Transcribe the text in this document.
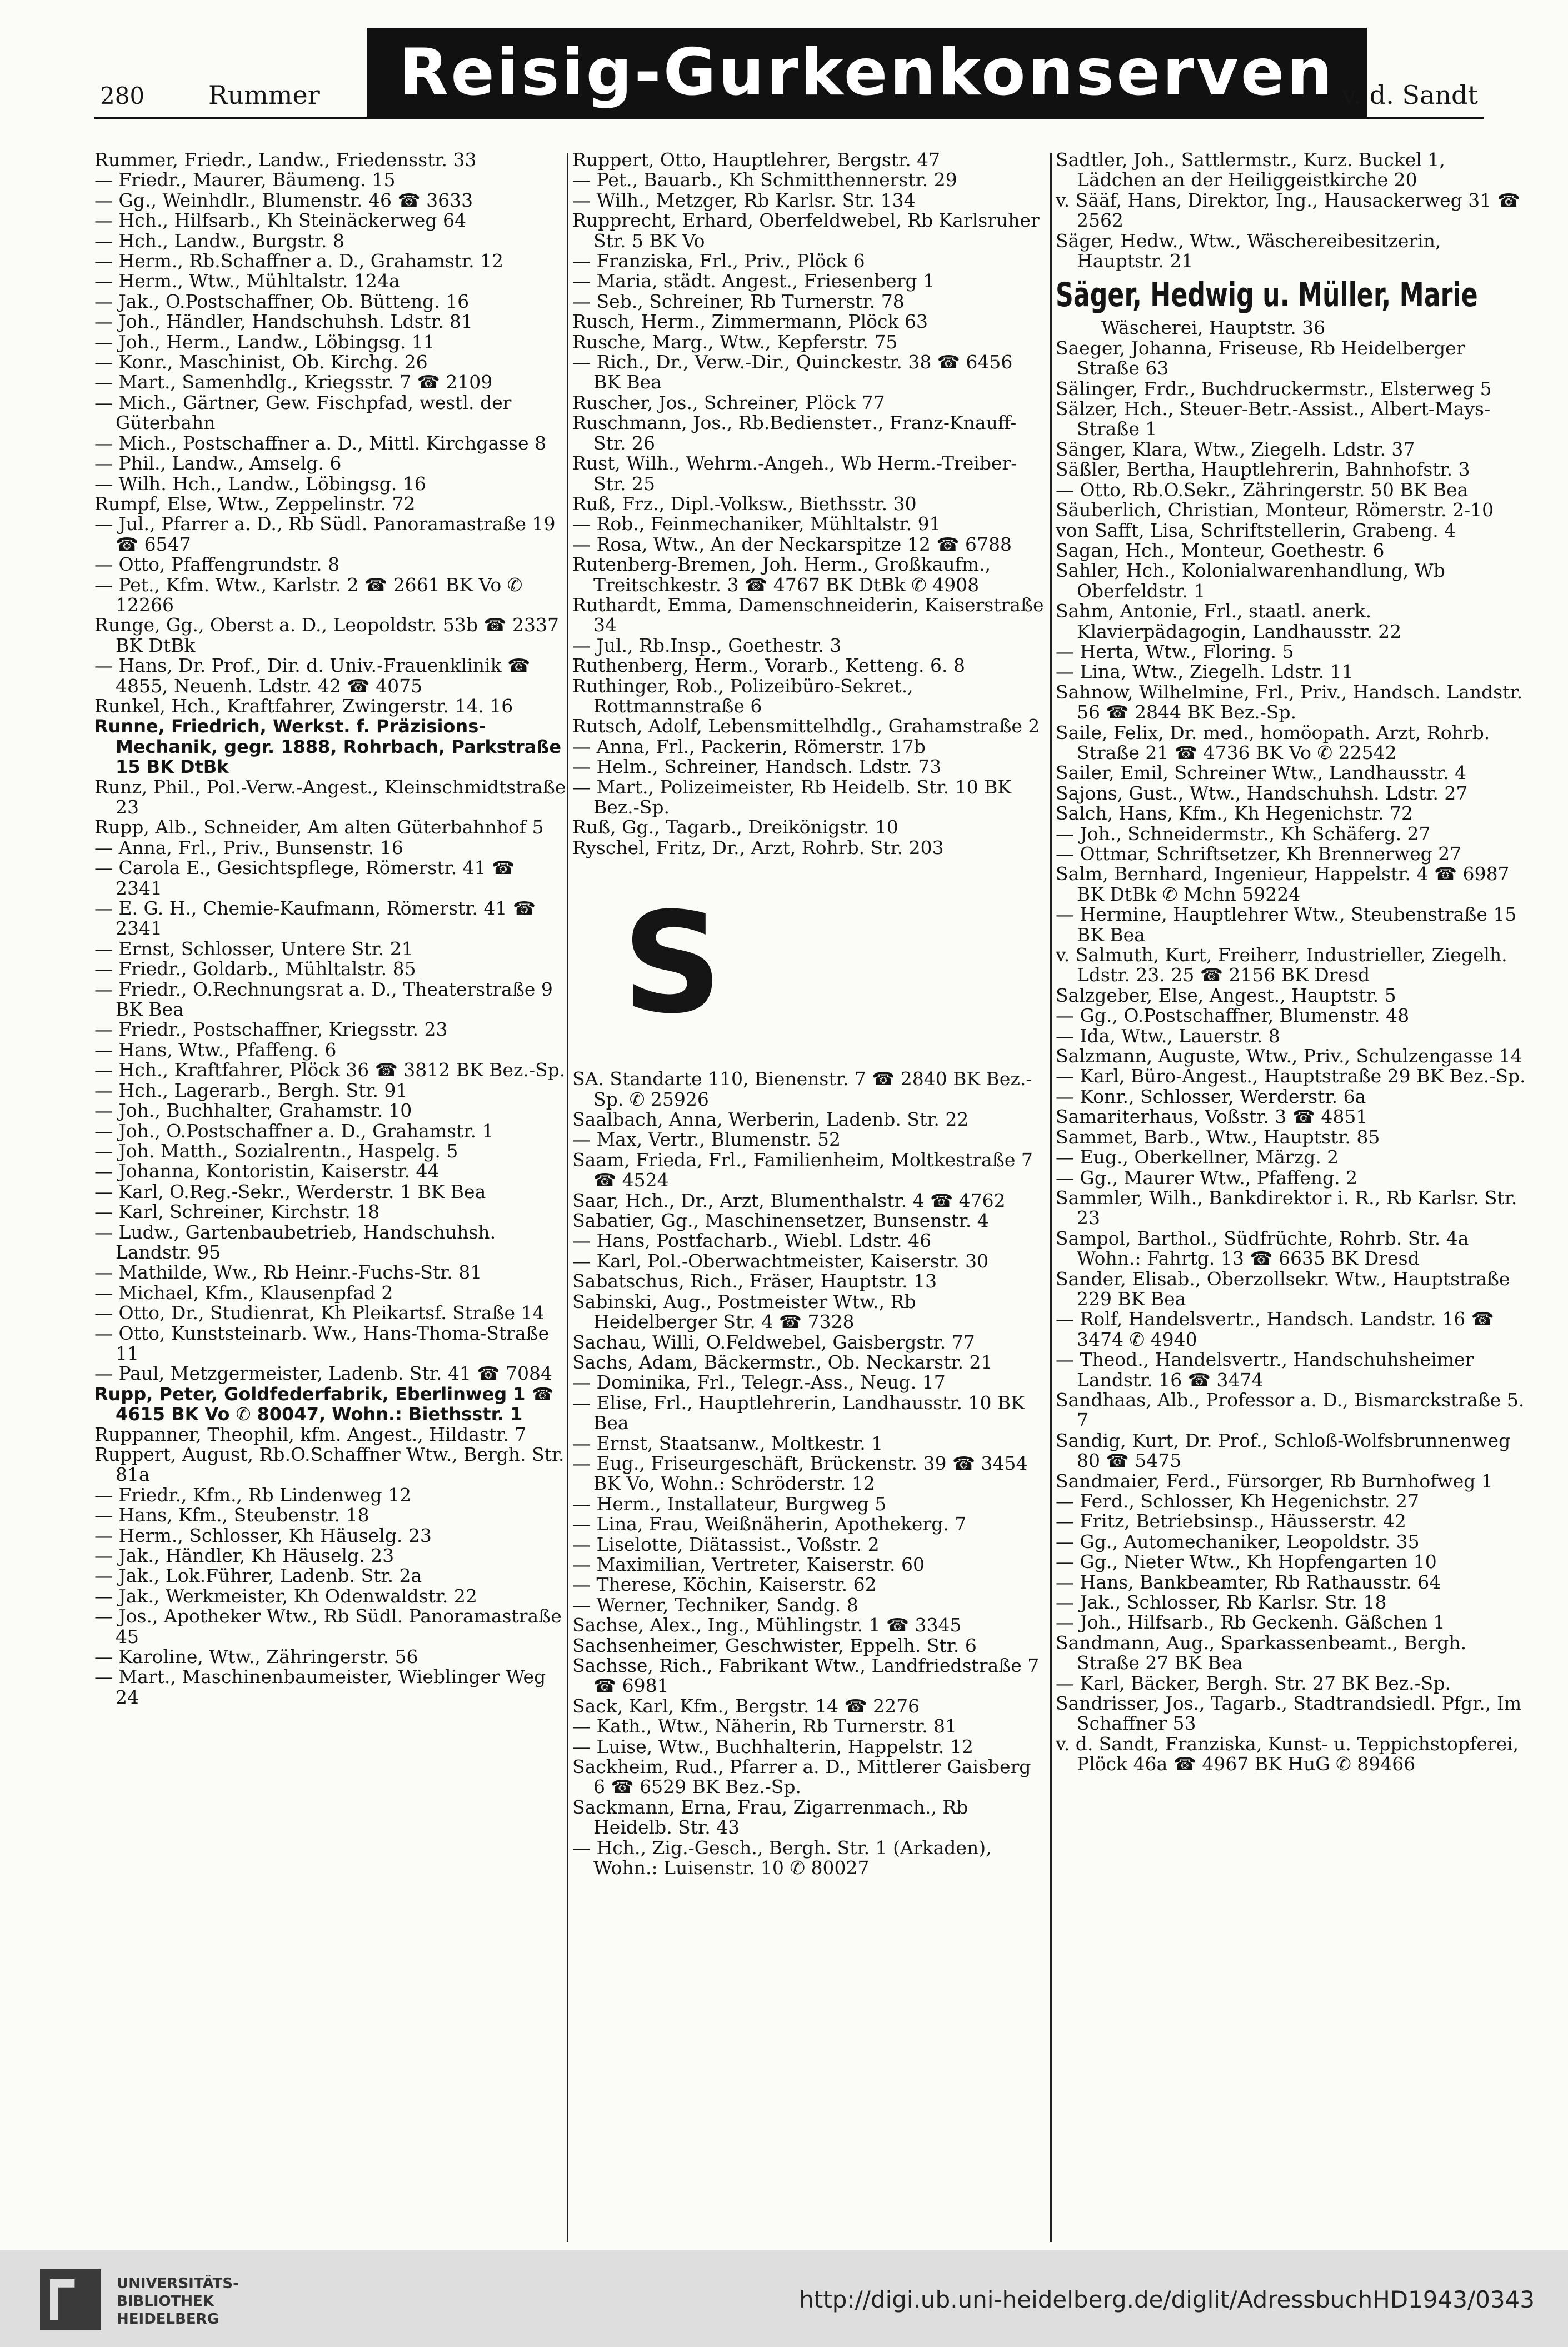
280 Rummer	Reisig-Gurkenkonserven v. d. Sandt

Rummer, Friedr., Landw., Friedensstr. 33

— Friedr., Maurer, Bäumeng. 15

— Gg., Weinhdlr., Blumenstr. 46 ☎ 3633

— Hch., Hilfsarb., Kh Steinäckerweg 64

— Hch., Landw., Burgstr. 8

— Herm., Rb.Schaffner a. D., Grahamstr. 12

— Herm., Wtw., Mühltalstr. 124a

— Jak., O.Postschaffner, Ob. Bütteng. 16

— Joh., Händler, Handschuhsh. Ldstr. 81

— Joh., Herm., Landw., Löbingsg. 11

— Konr., Maschinist, Ob. Kirchg. 26

— Mart., Samenhdlg., Kriegsstr. 7 ☎ 2109

— Mich., Gärtner, Gew. Fischpfad, westl. der Güterbahn

— Mich., Postschaffner a. D., Mittl. Kirchgasse 8

— Phil., Landw., Amselg. 6

— Wilh. Hch., Landw., Löbingsg. 16

Rumpf, Else, Wtw., Zeppelinstr. 72

— Jul., Pfarrer a. D., Rb Südl. Panoramastraße 19 ☎ 6547

— Otto, Pfaffengrundstr. 8

— Pet., Kfm. Wtw., Karlstr. 2 ☎ 2661 BK Vo ✆ 12266

Runge, Gg., Oberst a. D., Leopoldstr. 53b ☎ 2337 BK DtBk

— Hans, Dr. Prof., Dir. d. Univ.-Frauenklinik ☎ 4855, Neuenh. Ldstr. 42 ☎ 4075

Runkel, Hch., Kraftfahrer, Zwingerstr. 14. 16

Runne, Friedrich, Werkst. f. Präzisions-Mechanik, gegr. 1888, Rohrbach, Parkstraße 15 BK DtBk

Runz, Phil., Pol.-Verw.-Angest., Kleinschmidtstraße 23

Rupp, Alb., Schneider, Am alten Güterbahnhof 5

— Anna, Frl., Priv., Bunsenstr. 16

— Carola E., Gesichtspflege, Römerstr. 41 ☎ 2341

— E. G. H., Chemie-Kaufmann, Römerstr. 41 ☎ 2341

— Ernst, Schlosser, Untere Str. 21

— Friedr., Goldarb., Mühltalstr. 85

— Friedr., O.Rechnungsrat a. D., Theaterstraße 9 BK Bea

— Friedr., Postschaffner, Kriegsstr. 23

— Hans, Wtw., Pfaffeng. 6

— Hch., Kraftfahrer, Plöck 36 ☎ 3812 BK Bez.-Sp.

— Hch., Lagerarb., Bergh. Str. 91

— Joh., Buchhalter, Grahamstr. 10

— Joh., O.Postschaffner a. D., Grahamstr. 1

— Joh. Matth., Sozialrentn., Haspelg. 5

— Johanna, Kontoristin, Kaiserstr. 44

— Karl, O.Reg.-Sekr., Werderstr. 1 BK Bea

— Karl, Schreiner, Kirchstr. 18

— Ludw., Gartenbaubetrieb, Handschuhsh. Landstr. 95

— Mathilde, Ww., Rb Heinr.-Fuchs-Str. 81

— Michael, Kfm., Klausenpfad 2

— Otto, Dr., Studienrat, Kh Pleikartsf. Straße 14

— Otto, Kunststeinarb. Ww., Hans-Thoma-Straße 11

— Paul, Metzgermeister, Ladenb. Str. 41 ☎ 7084

Rupp, Peter, Goldfederfabrik, Eberlinweg 1 ☎ 4615 BK Vo ✆ 80047, Wohn.: Biethsstr. 1

Ruppanner, Theophil, kfm. Angest., Hildastr. 7

Ruppert, August, Rb.O.Schaffner Wtw., Bergh. Str. 81a

— Friedr., Kfm., Rb Lindenweg 12

— Hans, Kfm., Steubenstr. 18

— Herm., Schlosser, Kh Häuselg. 23

— Jak., Händler, Kh Häuselg. 23

— Jak., Lok.Führer, Ladenb. Str. 2a

— Jak., Werkmeister, Kh Odenwaldstr. 22

— Jos., Apotheker Wtw., Rb Südl. Panoramastraße 45

— Karoline, Wtw., Zähringerstr. 56

— Mart., Maschinenbaumeister, Wieblinger Weg 24

Ruppert, Otto, Hauptlehrer, Bergstr. 47

— Pet., Bauarb., Kh Schmitthennerstr. 29

— Wilh., Metzger, Rb Karlsr. Str. 134

Rupprecht, Erhard, Oberfeldwebel, Rb Karlsruher Str. 5 BK Vo

— Franziska, Frl., Priv., Plöck 6

— Maria, städt. Angest., Friesenberg 1

— Seb., Schreiner, Rb Turnerstr. 78

Rusch, Herm., Zimmermann, Plöck 63

Rusche, Marg., Wtw., Kepferstr. 75

— Rich., Dr., Verw.-Dir., Quinckestr. 38 ☎ 6456 BK Bea

Ruscher, Jos., Schreiner, Plöck 77

Ruschmann, Jos., Rb.Bediensteт., Franz-Knauff-Str. 26

Rust, Wilh., Wehrm.-Angeh., Wb Herm.-Treiber-Str. 25

Ruß, Frz., Dipl.-Volksw., Biethsstr. 30

— Rob., Feinmechaniker, Mühltalstr. 91

— Rosa, Wtw., An der Neckarspitze 12 ☎ 6788

Rutenberg-Bremen, Joh. Herm., Großkaufm., Treitschkestr. 3 ☎ 4767 BK DtBk ✆ 4908

Ruthardt, Emma, Damenschneiderin, Kaiserstraße 34

— Jul., Rb.Insp., Goethestr. 3

Ruthenberg, Herm., Vorarb., Ketteng. 6. 8

Ruthinger, Rob., Polizeibüro-Sekret., Rottmannstraße 6

Rutsch, Adolf, Lebensmittelhdlg., Grahamstraße 2

— Anna, Frl., Packerin, Römerstr. 17b

— Helm., Schreiner, Handsch. Ldstr. 73

— Mart., Polizeimeister, Rb Heidelb. Str. 10 BK Bez.-Sp.

Ruß, Gg., Tagarb., Dreikönigstr. 10

Ryschel, Fritz, Dr., Arzt, Rohrb. Str. 203

S

SA. Standarte 110, Bienenstr. 7 ☎ 2840 BK Bez.-Sp. ✆ 25926

Saalbach, Anna, Werberin, Ladenb. Str. 22

— Max, Vertr., Blumenstr. 52

Saam, Frieda, Frl., Familienheim, Moltkestraße 7 ☎ 4524

Saar, Hch., Dr., Arzt, Blumenthalstr. 4 ☎ 4762

Sabatier, Gg., Maschinensetzer, Bunsenstr. 4

— Hans, Postfacharb., Wiebl. Ldstr. 46

— Karl, Pol.-Oberwachtmeister, Kaiserstr. 30

Sabatschus, Rich., Fräser, Hauptstr. 13

Sabinski, Aug., Postmeister Wtw., Rb Heidelberger Str. 4 ☎ 7328

Sachau, Willi, O.Feldwebel, Gaisbergstr. 77

Sachs, Adam, Bäckermstr., Ob. Neckarstr. 21

— Dominika, Frl., Telegr.-Ass., Neug. 17

— Elise, Frl., Hauptlehrerin, Landhausstr. 10 BK Bea

— Ernst, Staatsanw., Moltkestr. 1

— Eug., Friseurgeschäft, Brückenstr. 39 ☎ 3454 BK Vo, Wohn.: Schröderstr. 12

— Herm., Installateur, Burgweg 5

— Lina, Frau, Weißnäherin, Apothekerg. 7

— Liselotte, Diätassist., Voßstr. 2

— Maximilian, Vertreter, Kaiserstr. 60

— Therese, Köchin, Kaiserstr. 62

— Werner, Techniker, Sandg. 8

Sachse, Alex., Ing., Mühlingstr. 1 ☎ 3345

Sachsenheimer, Geschwister, Eppelh. Str. 6

Sachsse, Rich., Fabrikant Wtw., Landfriedstraße 7 ☎ 6981

Sack, Karl, Kfm., Bergstr. 14 ☎ 2276

— Kath., Wtw., Näherin, Rb Turnerstr. 81

— Luise, Wtw., Buchhalterin, Happelstr. 12

Sackheim, Rud., Pfarrer a. D., Mittlerer Gaisberg 6 ☎ 6529 BK Bez.-Sp.

Sackmann, Erna, Frau, Zigarrenmach., Rb Heidelb. Str. 43

— Hch., Zig.-Gesch., Bergh. Str. 1 (Arkaden), Wohn.: Luisenstr. 10 ✆ 80027

Sadtler, Joh., Sattlermstr., Kurz. Buckel 1, Lädchen an der Heiliggeistkirche 20

v. Sääf, Hans, Direktor, Ing., Hausackerweg 31 ☎ 2562

Säger, Hedw., Wtw., Wäschereibesitzerin, Hauptstr. 21

Säger, Hedwig u. Müller, Marie

Wäscherei, Hauptstr. 36

Saeger, Johanna, Friseuse, Rb Heidelberger Straße 63

Sälinger, Frdr., Buchdruckermstr., Elsterweg 5

Sälzer, Hch., Steuer-Betr.-Assist., Albert-Mays-Straße 1

Sänger, Klara, Wtw., Ziegelh. Ldstr. 37

Säßler, Bertha, Hauptlehrerin, Bahnhofstr. 3

— Otto, Rb.O.Sekr., Zähringerstr. 50 BK Bea

Säuberlich, Christian, Monteur, Römerstr. 2-10

von Safft, Lisa, Schriftstellerin, Grabeng. 4

Sagan, Hch., Monteur, Goethestr. 6

Sahler, Hch., Kolonialwarenhandlung, Wb Oberfeldstr. 1

Sahm, Antonie, Frl., staatl. anerk. Klavierpädagogin, Landhausstr. 22

— Herta, Wtw., Floring. 5

— Lina, Wtw., Ziegelh. Ldstr. 11

Sahnow, Wilhelmine, Frl., Priv., Handsch. Landstr. 56 ☎ 2844 BK Bez.-Sp.

Saile, Felix, Dr. med., homöopath. Arzt, Rohrb. Straße 21 ☎ 4736 BK Vo ✆ 22542

Sailer, Emil, Schreiner Wtw., Landhausstr. 4

Sajons, Gust., Wtw., Handschuhsh. Ldstr. 27

Salch, Hans, Kfm., Kh Hegenichstr. 72

— Joh., Schneidermstr., Kh Schäferg. 27

— Ottmar, Schriftsetzer, Kh Brennerweg 27

Salm, Bernhard, Ingenieur, Happelstr. 4 ☎ 6987 BK DtBk ✆ Mchn 59224

— Hermine, Hauptlehrer Wtw., Steubenstraße 15 BK Bea

v. Salmuth, Kurt, Freiherr, Industrieller, Ziegelh. Ldstr. 23. 25 ☎ 2156 BK Dresd

Salzgeber, Else, Angest., Hauptstr. 5

— Gg., O.Postschaffner, Blumenstr. 48

— Ida, Wtw., Lauerstr. 8

Salzmann, Auguste, Wtw., Priv., Schulzengasse 14

— Karl, Büro-Angest., Hauptstraße 29 BK Bez.-Sp.

— Konr., Schlosser, Werderstr. 6a

Samariterhaus, Voßstr. 3 ☎ 4851

Sammet, Barb., Wtw., Hauptstr. 85

— Eug., Oberkellner, Märzg. 2

— Gg., Maurer Wtw., Pfaffeng. 2

Sammler, Wilh., Bankdirektor i. R., Rb Karlsr. Str. 23

Sampol, Barthol., Südfrüchte, Rohrb. Str. 4a Wohn.: Fahrtg. 13 ☎ 6635 BK Dresd

Sander, Elisab., Oberzollsekr. Wtw., Hauptstraße 229 BK Bea

— Rolf, Handelsvertr., Handsch. Landstr. 16 ☎ 3474 ✆ 4940

— Theod., Handelsvertr., Handschuhsheimer Landstr. 16 ☎ 3474

Sandhaas, Alb., Professor a. D., Bismarckstraße 5. 7

Sandig, Kurt, Dr. Prof., Schloß-Wolfsbrunnenweg 80 ☎ 5475

Sandmaier, Ferd., Fürsorger, Rb Burnhofweg 1

— Ferd., Schlosser, Kh Hegenichstr. 27

— Fritz, Betriebsinsp., Häusserstr. 42

— Gg., Automechaniker, Leopoldstr. 35

— Gg., Nieter Wtw., Kh Hopfengarten 10

— Hans, Bankbeamter, Rb Rathausstr. 64

— Jak., Schlosser, Rb Karlsr. Str. 18

— Joh., Hilfsarb., Rb Geckenh. Gäßchen 1

Sandmann, Aug., Sparkassenbeamt., Bergh. Straße 27 BK Bea

— Karl, Bäcker, Bergh. Str. 27 BK Bez.-Sp.

Sandrisser, Jos., Tagarb., Stadtrandsiedl. Pfgr., Im Schaffner 53

v. d. Sandt, Franziska, Kunst- u. Teppichstopferei, Plöck 46a ☎ 4967 BK HuG ✆ 89466

UNIVERSITÄTS-
BIBLIOTHEK
HEIDELBERG
http://digi.ub.uni-heidelberg.de/diglit/AdressbuchHD1943/0343
